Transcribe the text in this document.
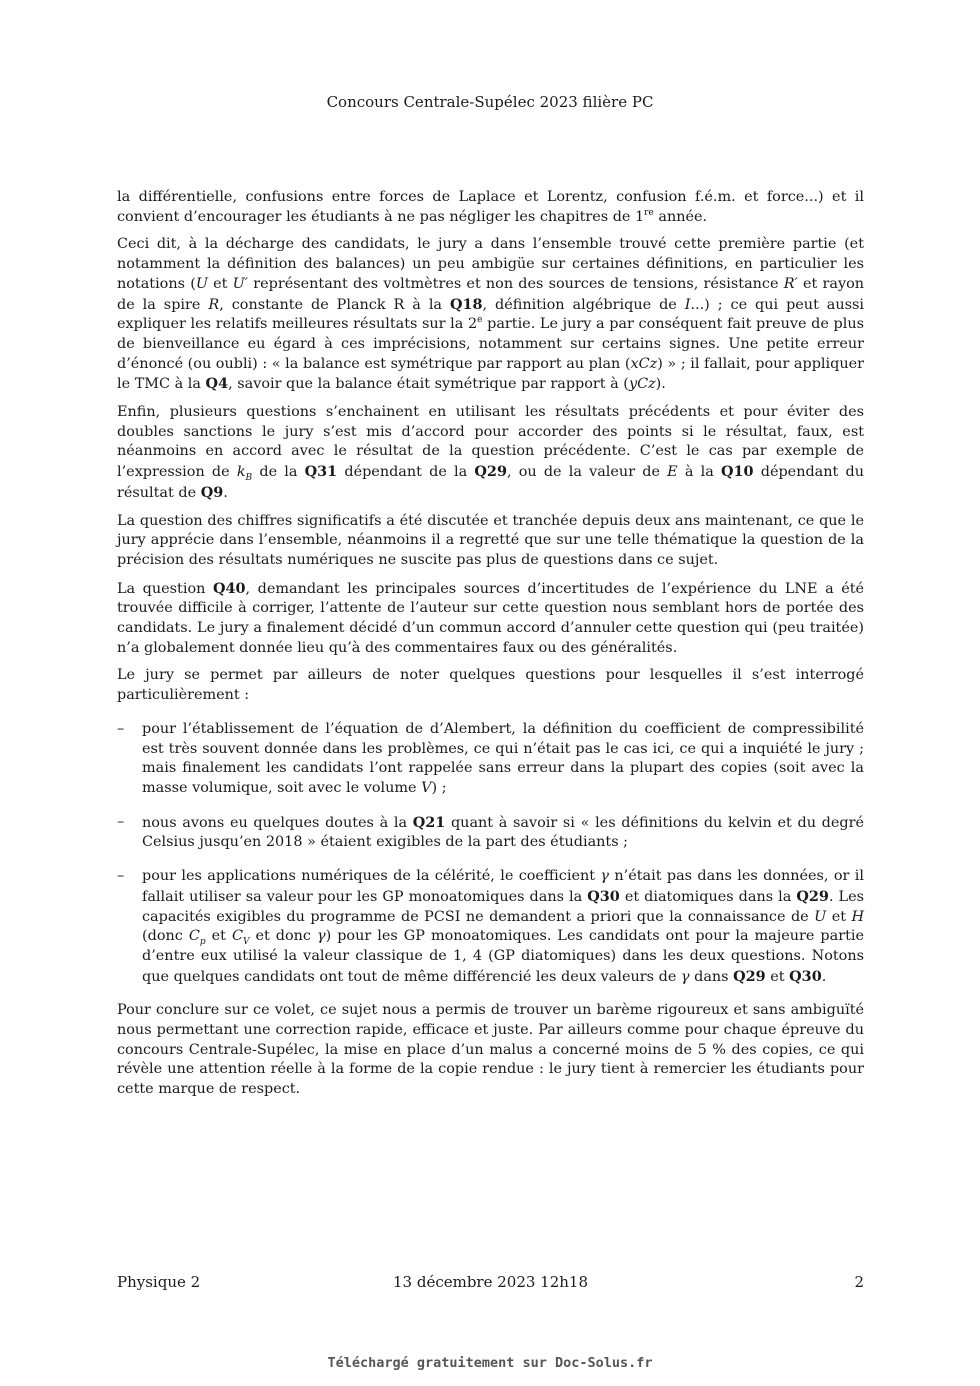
Concours Centrale-Supélec 2023 filière PC

la différentielle, confusions entre forces de Laplace et Lorentz, confusion f.é.m. et force...) et il convient d’encourager les étudiants à ne pas négliger les chapitres de 1re année.

Ceci dit, à la décharge des candidats, le jury a dans l’ensemble trouvé cette première partie (et notamment la définition des balances) un peu ambigüe sur certaines définitions, en particulier les notations (U et U′ représentant des voltmètres et non des sources de tensions, résistance R′ et rayon de la spire R, constante de Planck R à la Q18, définition algébrique de I...) ; ce qui peut aussi expliquer les relatifs meilleures résultats sur la 2e partie. Le jury a par conséquent fait preuve de plus de bienveillance eu égard à ces imprécisions, notamment sur certains signes. Une petite erreur d’énoncé (ou oubli) : « la balance est symétrique par rapport au plan (xCz) » ; il fallait, pour appliquer le TMC à la Q4, savoir que la balance était symétrique par rapport à (yCz).

Enfin, plusieurs questions s’enchainent en utilisant les résultats précédents et pour éviter des doubles sanctions le jury s’est mis d’accord pour accorder des points si le résultat, faux, est néanmoins en accord avec le résultat de la question précédente. C’est le cas par exemple de l’expression de $k_B$ de la Q31 dépendant de la Q29, ou de la valeur de E à la Q10 dépendant du résultat de Q9.

La question des chiffres significatifs a été discutée et tranchée depuis deux ans maintenant, ce que le jury apprécie dans l’ensemble, néanmoins il a regretté que sur une telle thématique la question de la précision des résultats numériques ne suscite pas plus de questions dans ce sujet.

La question Q40, demandant les principales sources d’incertitudes de l’expérience du LNE a été trouvée difficile à corriger, l’attente de l’auteur sur cette question nous semblant hors de portée des candidats. Le jury a finalement décidé d’un commun accord d’annuler cette question qui (peu traitée) n’a globalement donnée lieu qu’à des commentaires faux ou des généralités.

Le jury se permet par ailleurs de noter quelques questions pour lesquelles il s’est interrogé particulièrement :

– pour l’établissement de l’équation de d’Alembert, la définition du coefficient de compressibilité est très souvent donnée dans les problèmes, ce qui n’était pas le cas ici, ce qui a inquiété le jury ; mais finalement les candidats l’ont rappelée sans erreur dans la plupart des copies (soit avec la masse volumique, soit avec le volume V) ;
– nous avons eu quelques doutes à la Q21 quant à savoir si « les définitions du kelvin et du degré Celsius jusqu’en 2018 » étaient exigibles de la part des étudiants ;
– pour les applications numériques de la célérité, le coefficient γ n’était pas dans les données, or il fallait utiliser sa valeur pour les GP monoatomiques dans la Q30 et diatomiques dans la Q29. Les capacités exigibles du programme de PCSI ne demandent a priori que la connaissance de U et H (donc $C_p$ et $C_V$ et donc γ) pour les GP monoatomiques. Les candidats ont pour la majeure partie d’entre eux utilisé la valeur classique de 1, 4 (GP diatomiques) dans les deux questions. Notons que quelques candidats ont tout de même différencié les deux valeurs de γ dans Q29 et Q30.

Pour conclure sur ce volet, ce sujet nous a permis de trouver un barème rigoureux et sans ambiguïté nous permettant une correction rapide, efficace et juste. Par ailleurs comme pour chaque épreuve du concours Centrale-Supélec, la mise en place d’un malus a concerné moins de 5 % des copies, ce qui révèle une attention réelle à la forme de la copie rendue : le jury tient à remercier les étudiants pour cette marque de respect.

Physique 2	13 décembre 2023 12h18	2
Téléchargé gratuitement sur Doc-Solus.fr
